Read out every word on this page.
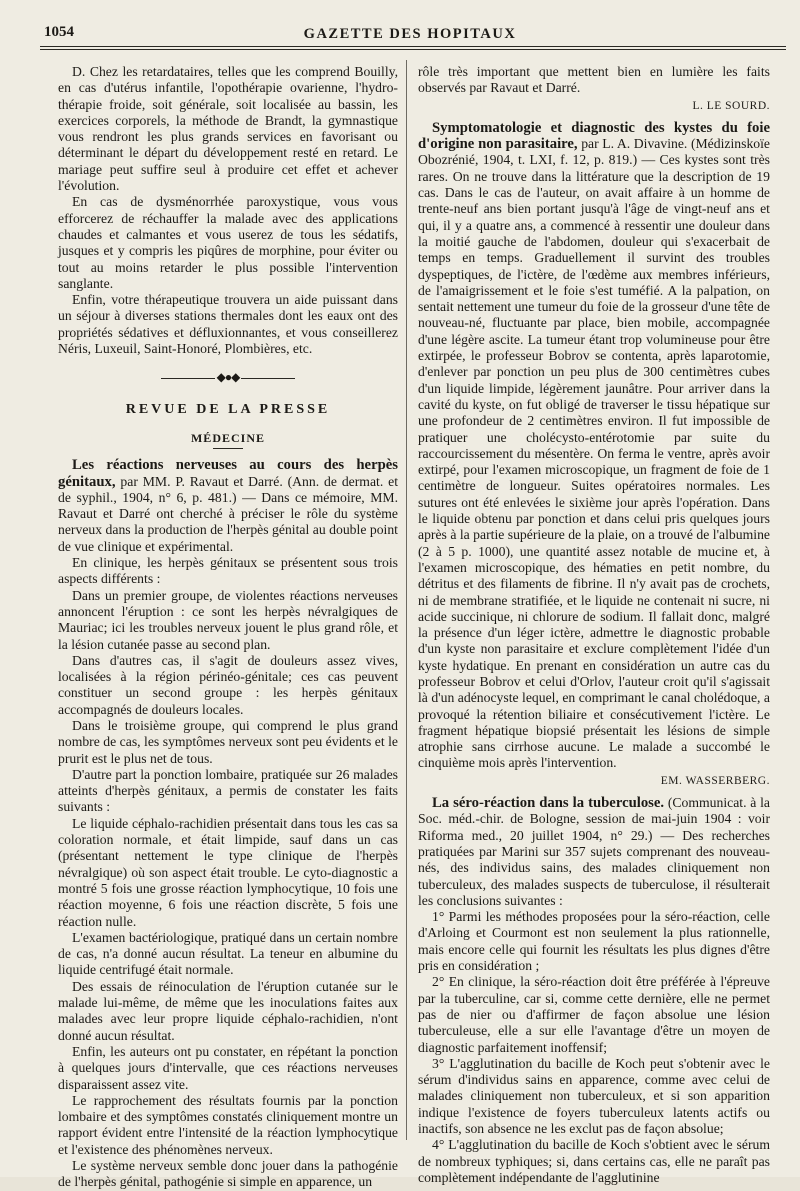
1054	GAZETTE DES HOPITAUX

D. Chez les retardataires, telles que les comprend Bouilly, en cas d'utérus infantile, l'opothérapie ovarienne, l'hydro-thérapie froide, soit générale, soit localisée au bassin, les exercices corporels, la méthode de Brandt, la gymnastique vous rendront les plus grands services en favorisant ou déterminant le départ du développement resté en retard. Le mariage peut suffire seul à produire cet effet et achever l'évolution.

En cas de dysménorrhée paroxystique, vous vous efforcerez de réchauffer la malade avec des applications chaudes et calmantes et vous userez de tous les sédatifs, jusques et y compris les piqûres de morphine, pour éviter ou tout au moins retarder le plus possible l'intervention sanglante.

Enfin, votre thérapeutique trouvera un aide puissant dans un séjour à diverses stations thermales dont les eaux ont des propriétés sédatives et défluxionnantes, et vous conseillerez Néris, Luxeuil, Saint-Honoré, Plombières, etc.

◆●◆
REVUE DE LA PRESSE
MÉDECINE

Les réactions nerveuses au cours des herpès génitaux, par MM. P. Ravaut et Darré. (Ann. de dermat. et de syphil., 1904, n° 6, p. 481.) — Dans ce mémoire, MM. Ravaut et Darré ont cherché à préciser le rôle du système nerveux dans la production de l'herpès génital au double point de vue clinique et expérimental.

En clinique, les herpès génitaux se présentent sous trois aspects différents :

Dans un premier groupe, de violentes réactions nerveuses annoncent l'éruption : ce sont les herpès névralgiques de Mauriac; ici les troubles nerveux jouent le plus grand rôle, et la lésion cutanée passe au second plan.

Dans d'autres cas, il s'agit de douleurs assez vives, localisées à la région périnéo-génitale; ces cas peuvent constituer un second groupe : les herpès génitaux accompagnés de douleurs locales.

Dans le troisième groupe, qui comprend le plus grand nombre de cas, les symptômes nerveux sont peu évidents et le prurit est le plus net de tous.

D'autre part la ponction lombaire, pratiquée sur 26 malades atteints d'herpès génitaux, a permis de constater les faits suivants :

Le liquide céphalo-rachidien présentait dans tous les cas sa coloration normale, et était limpide, sauf dans un cas (présentant nettement le type clinique de l'herpès névralgique) où son aspect était trouble. Le cyto-diagnostic a montré 5 fois une grosse réaction lymphocytique, 10 fois une réaction moyenne, 6 fois une réaction discrète, 5 fois une réaction nulle.

L'examen bactériologique, pratiqué dans un certain nombre de cas, n'a donné aucun résultat. La teneur en albumine du liquide centrifugé était normale.

Des essais de réinoculation de l'éruption cutanée sur le malade lui-même, de même que les inoculations faites aux malades avec leur propre liquide céphalo-rachidien, n'ont donné aucun résultat.

Enfin, les auteurs ont pu constater, en répétant la ponction à quelques jours d'intervalle, que ces réactions nerveuses disparaissent assez vite.

Le rapprochement des résultats fournis par la ponction lombaire et des symptômes constatés cliniquement montre un rapport évident entre l'intensité de la réaction lymphocytique et l'existence des phénomènes nerveux.

Le système nerveux semble donc jouer dans la pathogénie de l'herpès génital, pathogénie si simple en apparence, un

rôle très important que mettent bien en lumière les faits observés par Ravaut et Darré.

L. LE SOURD.

Symptomatologie et diagnostic des kystes du foie d'origine non parasitaire, par L. A. Divavine. (Médizinskoïe Obozrénié, 1904, t. LXI, f. 12, p. 819.) — Ces kystes sont très rares. On ne trouve dans la littérature que la description de 19 cas. Dans le cas de l'auteur, on avait affaire à un homme de trente-neuf ans bien portant jusqu'à l'âge de vingt-neuf ans et qui, il y a quatre ans, a commencé à ressentir une douleur dans la moitié gauche de l'abdomen, douleur qui s'exacerbait de temps en temps. Graduellement il survint des troubles dyspeptiques, de l'ictère, de l'œdème aux membres inférieurs, de l'amaigrissement et le foie s'est tuméfié. A la palpation, on sentait nettement une tumeur du foie de la grosseur d'une tête de nouveau-né, fluctuante par place, bien mobile, accompagnée d'une légère ascite. La tumeur étant trop volumineuse pour être extirpée, le professeur Bobrov se contenta, après laparotomie, d'enlever par ponction un peu plus de 300 centimètres cubes d'un liquide limpide, légèrement jaunâtre. Pour arriver dans la cavité du kyste, on fut obligé de traverser le tissu hépatique sur une profondeur de 2 centimètres environ. Il fut impossible de pratiquer une cholécysto-entérotomie par suite du raccourcissement du mésentère. On ferma le ventre, après avoir extirpé, pour l'examen microscopique, un fragment de foie de 1 centimètre de longueur. Suites opératoires normales. Les sutures ont été enlevées le sixième jour après l'opération. Dans le liquide obtenu par ponction et dans celui pris quelques jours après à la partie supérieure de la plaie, on a trouvé de l'albumine (2 à 5 p. 1000), une quantité assez notable de mucine et, à l'examen microscopique, des hématies en petit nombre, du détritus et des filaments de fibrine. Il n'y avait pas de crochets, ni de membrane stratifiée, et le liquide ne contenait ni sucre, ni acide succinique, ni chlorure de sodium. Il fallait donc, malgré la présence d'un léger ictère, admettre le diagnostic probable d'un kyste non parasitaire et exclure complètement l'idée d'un kyste hydatique. En prenant en considération un autre cas du professeur Bobrov et celui d'Orlov, l'auteur croit qu'il s'agissait là d'un adénocyste lequel, en comprimant le canal cholédoque, a provoqué la rétention biliaire et consécutivement l'ictère. Le fragment hépatique biopsié présentait les lésions de simple atrophie sans cirrhose aucune. Le malade a succombé le cinquième mois après l'intervention.

EM. WASSERBERG.

La séro-réaction dans la tuberculose. (Communicat. à la Soc. méd.-chir. de Bologne, session de mai-juin 1904 : voir Riforma med., 20 juillet 1904, n° 29.) — Des recherches pratiquées par Marini sur 357 sujets comprenant des nouveau-nés, des individus sains, des malades cliniquement non tuberculeux, des malades suspects de tuberculose, il résulterait les conclusions suivantes :

1° Parmi les méthodes proposées pour la séro-réaction, celle d'Arloing et Courmont est non seulement la plus rationnelle, mais encore celle qui fournit les résultats les plus dignes d'être pris en considération ;

2° En clinique, la séro-réaction doit être préférée à l'épreuve par la tuberculine, car si, comme cette dernière, elle ne permet pas de nier ou d'affirmer de façon absolue une lésion tuberculeuse, elle a sur elle l'avantage d'être un moyen de diagnostic parfaitement inoffensif;

3° L'agglutination du bacille de Koch peut s'obtenir avec le sérum d'individus sains en apparence, comme avec celui de malades cliniquement non tuberculeux, et si son apparition indique l'existence de foyers tuberculeux latents actifs ou inactifs, son absence ne les exclut pas de façon absolue;

4° L'agglutination du bacille de Koch s'obtient avec le sérum de nombreux typhiques; si, dans certains cas, elle ne paraît pas complètement indépendante de l'agglutinine
